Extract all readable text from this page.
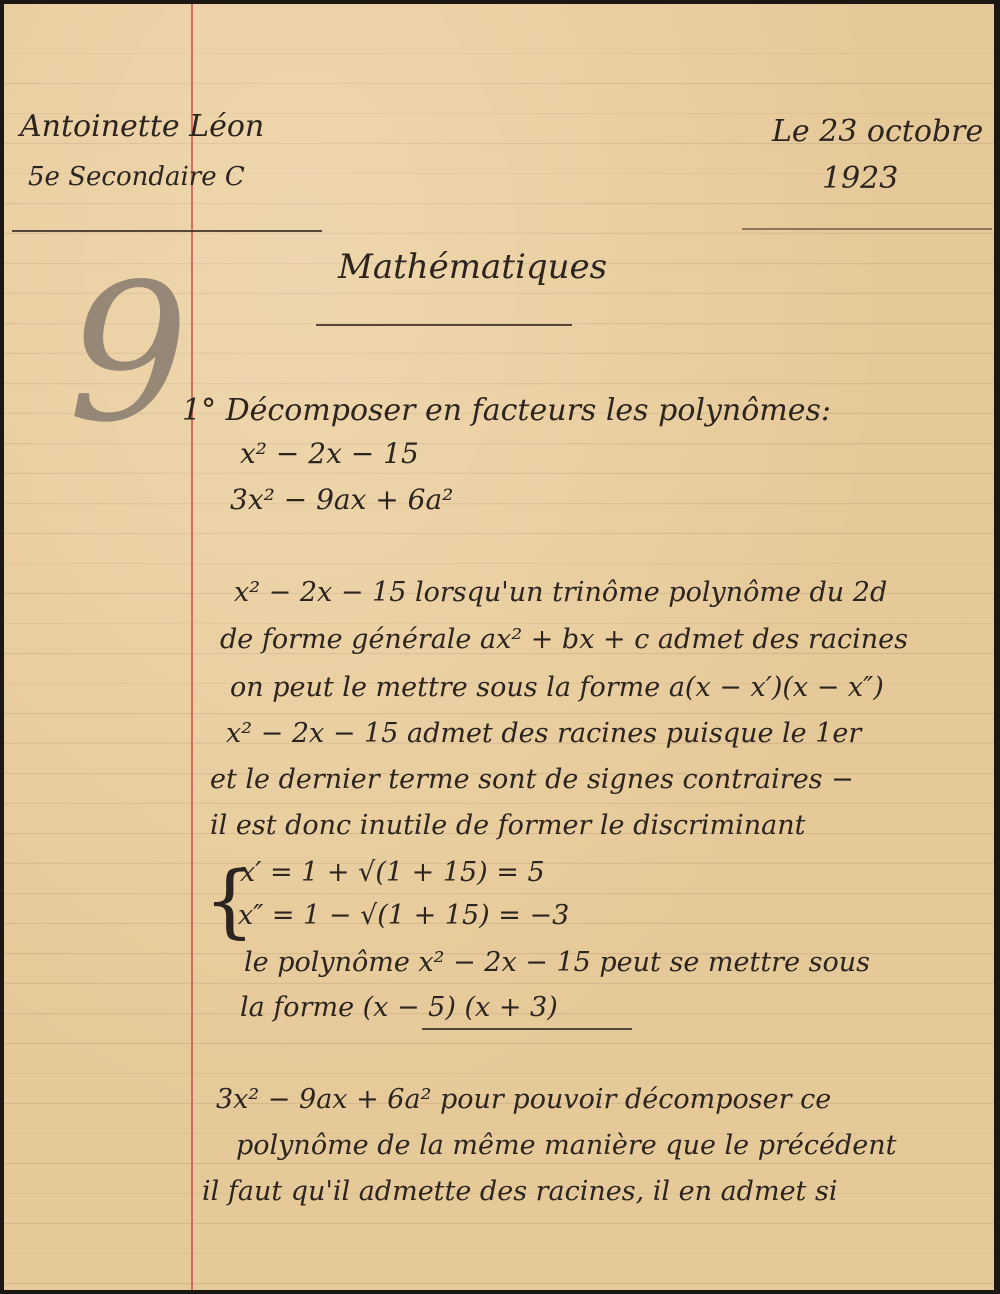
Antoinette Léon
5e Secondaire C
Le 23 octobre
1923
Mathématiques
9
1° Décomposer en facteurs les polynômes:
x² − 2x − 15
3x² − 9ax + 6a²
x² − 2x − 15 lorsqu'un trinôme polynôme du 2d
de forme générale ax² + bx + c admet des racines
on peut le mettre sous la forme a(x − x′)(x − x″)
x² − 2x − 15 admet des racines puisque le 1er
et le dernier terme sont de signes contraires −
il est donc inutile de former le discriminant
{
x′ = 1 + √(1 + 15) = 5
x″ = 1 − √(1 + 15) = −3
le polynôme x² − 2x − 15 peut se mettre sous
la forme (x − 5) (x + 3)
3x² − 9ax + 6a² pour pouvoir décomposer ce
polynôme de la même manière que le précédent
il faut qu'il admette des racines, il en admet si
